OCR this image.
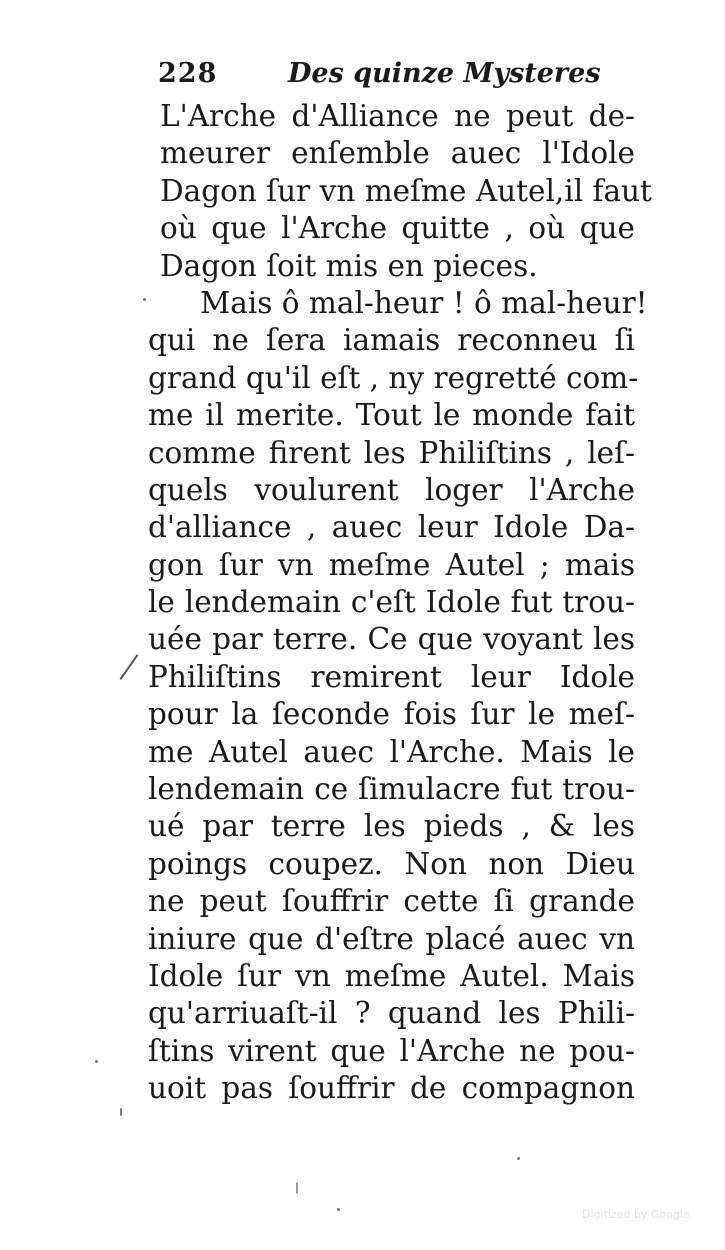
228	Des quinze Mysteres
L'Arche d'Alliance ne peut de-
meurer enſemble auec l'Idole
Dagon ſur vn meſme Autel,il faut
où que l'Arche quitte , où que
Dagon ſoit mis en pieces.
Mais ô mal-heur ! ô mal-heur!
qui ne ſera iamais reconneu ſi
grand qu'il eſt , ny regretté com-
me il merite. Tout le monde fait
comme firent les Philiſtins , leſ-
quels voulurent loger l'Arche
d'alliance , auec leur Idole Da-
gon ſur vn meſme Autel ; mais
le lendemain c'eſt Idole fut trou-
uée par terre. Ce que voyant les
Philiſtins remirent leur Idole
pour la ſeconde fois ſur le meſ-
me Autel auec l'Arche. Mais le
lendemain ce ſimulacre fut trou-
ué par terre les pieds , & les
poings coupez. Non non Dieu
ne peut ſouffrir cette ſi grande
iniure que d'eſtre placé auec vn
Idole ſur vn meſme Autel. Mais
qu'arriuaſt-il ? quand les Phili-
ſtins virent que l'Arche ne pou-
uoit pas ſouffrir de compagnon
Digitized by Google
